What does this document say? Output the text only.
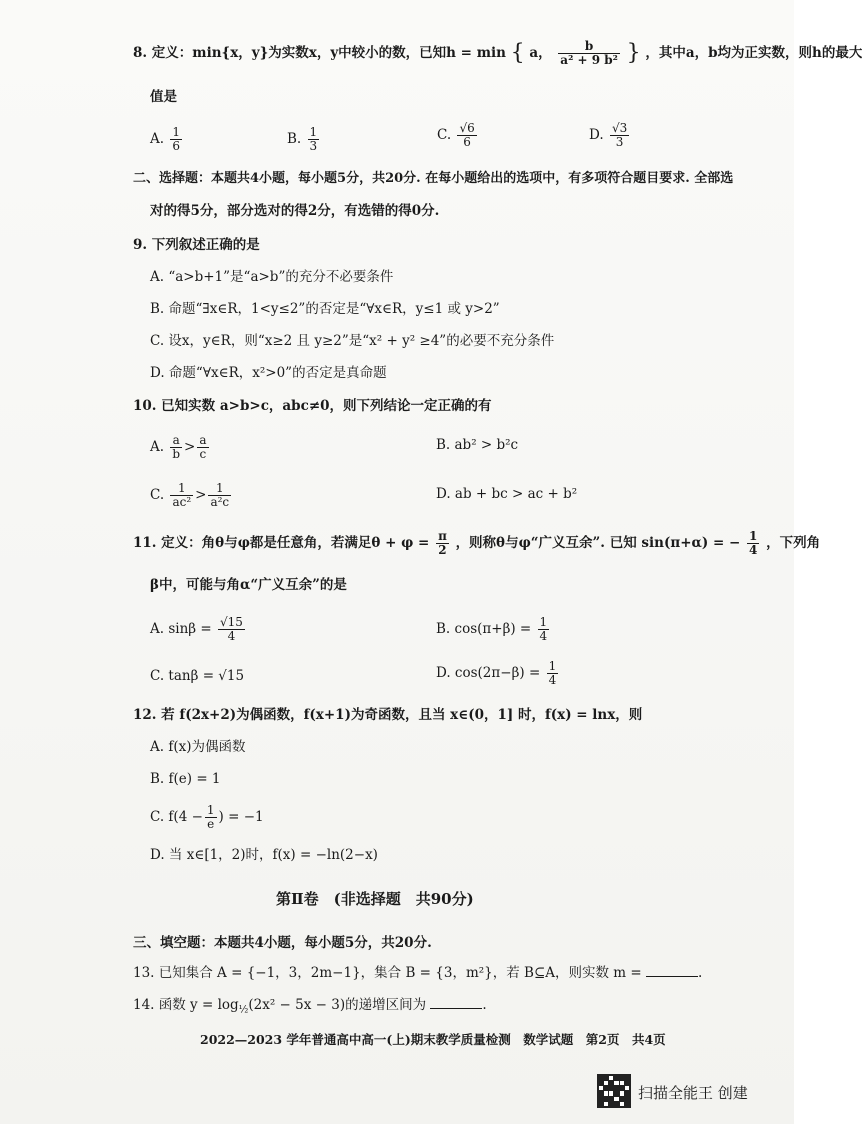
8. 定义：min{x，y}为实数x，y中较小的数，已知h = min { a， $\frac{b}{\text{a² + 9 b²}}$ } ，其中a，b均为正实数，则h的最大
值是
A. $\frac{1}{6}$	B. $\frac{1}{3}$	C. $\frac{√6}{6}$	D. $\frac{√3}{3}$
二、选择题：本题共4小题，每小题5分，共20分. 在每小题给出的选项中，有多项符合题目要求. 全部选
对的得5分，部分选对的得2分，有选错的得0分.
9. 下列叙述正确的是
A. “a>b+1”是“a>b”的充分不必要条件
B. 命题“∃x∈R，1<y≤2”的否定是“∀x∈R，y≤1 或 y>2”
C. 设x，y∈R，则“x≥2 且 y≥2”是“x² + y² ≥4”的必要不充分条件
D. 命题“∀x∈R，x²>0”的否定是真命题
10. 已知实数 a>b>c，abc≠0，则下列结论一定正确的有
A. $\frac{a}{b} > \frac{a}{c}$	B. ab² > b²c
C. $\frac{1}{\text{ac²}} > \frac{1}{\text{a²c}}$	D. ab + bc > ac + b²
11. 定义：角θ与φ都是任意角，若满足$\theta + \varphi = \frac{\pi}{2}$ ，则称θ与φ“广义互余”. 已知 sin(π+α) = − $\frac{1}{4}$ ，下列角
β中，可能与角α“广义互余”的是
A. $\sin\beta = \frac{√15}{4}$	B. $\cos(\pi+\beta) = \frac{1}{4}$
C. tanβ = √15	D. $\cos(2\pi-\beta) = \frac{1}{4}$
12. 若 f(2x+2)为偶函数，f(x+1)为奇函数，且当 x∈(0，1] 时，f(x) = lnx，则
A. f(x)为偶函数
B. f(e) = 1
C. $f(4 - \frac{1}{e}$ ) = −1
D. 当 x∈[1，2)时，f(x) = −ln(2−x)
第Ⅱ卷　(非选择题　共90分)
三、填空题：本题共4小题，每小题5分，共20分.
13. 已知集合 A = {−1，3，2m−1}，集合 B = {3，m²}，若 B⊆A，则实数 m =	.
14. 函数 $y = \log_{\frac{1}{2}}(2x^2 - 5x - 3)$的递增区间为	.
2022—2023 学年普通高中高一(上)期末教学质量检测　数学试题　第2页　共4页
扫描全能王 创建
